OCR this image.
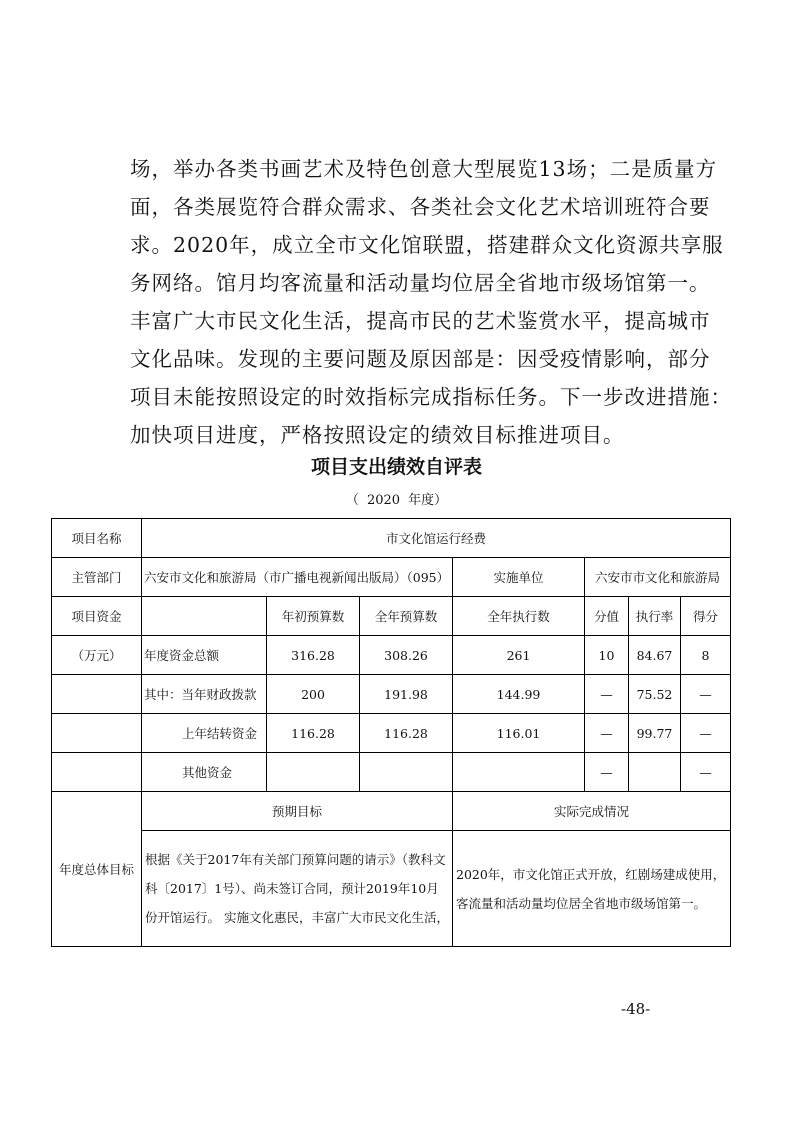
场，举办各类书画艺术及特色创意大型展览13场；二是质量方
面，各类展览符合群众需求、各类社会文化艺术培训班符合要
求。2020年，成立全市文化馆联盟，搭建群众文化资源共享服
务网络。馆月均客流量和活动量均位居全省地市级场馆第一。
丰富广大市民文化生活，提高市民的艺术鉴赏水平，提高城市
文化品味。发现的主要问题及原因部是：因受疫情影响，部分
项目未能按照设定的时效指标完成指标任务。下一步改进措施：
加快项目进度，严格按照设定的绩效目标推进项目。
项目支出绩效自评表
（ 2020 年度）
项目名称	市文化馆运行经费						
主管部门	六安市文化和旅游局（市广播电视新闻出版局）（095）			实施单位	六安市市文化和旅游局		
项目资金		年初预算数	全年预算数	全年执行数	分值	执行率	得分
（万元）	年度资金总额	316.28	308.26	261	10	84.67	8
	其中：当年财政拨款	200	191.98	144.99	—	75.52	—
	上年结转资金	116.28	116.28	116.01	—	99.77	—
	其他资金				—		—
年度总体目标	预期目标			实际完成情况			
	根据《关于2017年有关部门预算问题的请示》（教科文科〔2017〕1号）、尚未签订合同，预计2019年10月份开馆运行。 实施文化惠民，丰富广大市民文化生活，			2020年，市文化馆正式开放，红剧场建成使用，客流量和活动量均位居全省地市级场馆第一。			
-48-
